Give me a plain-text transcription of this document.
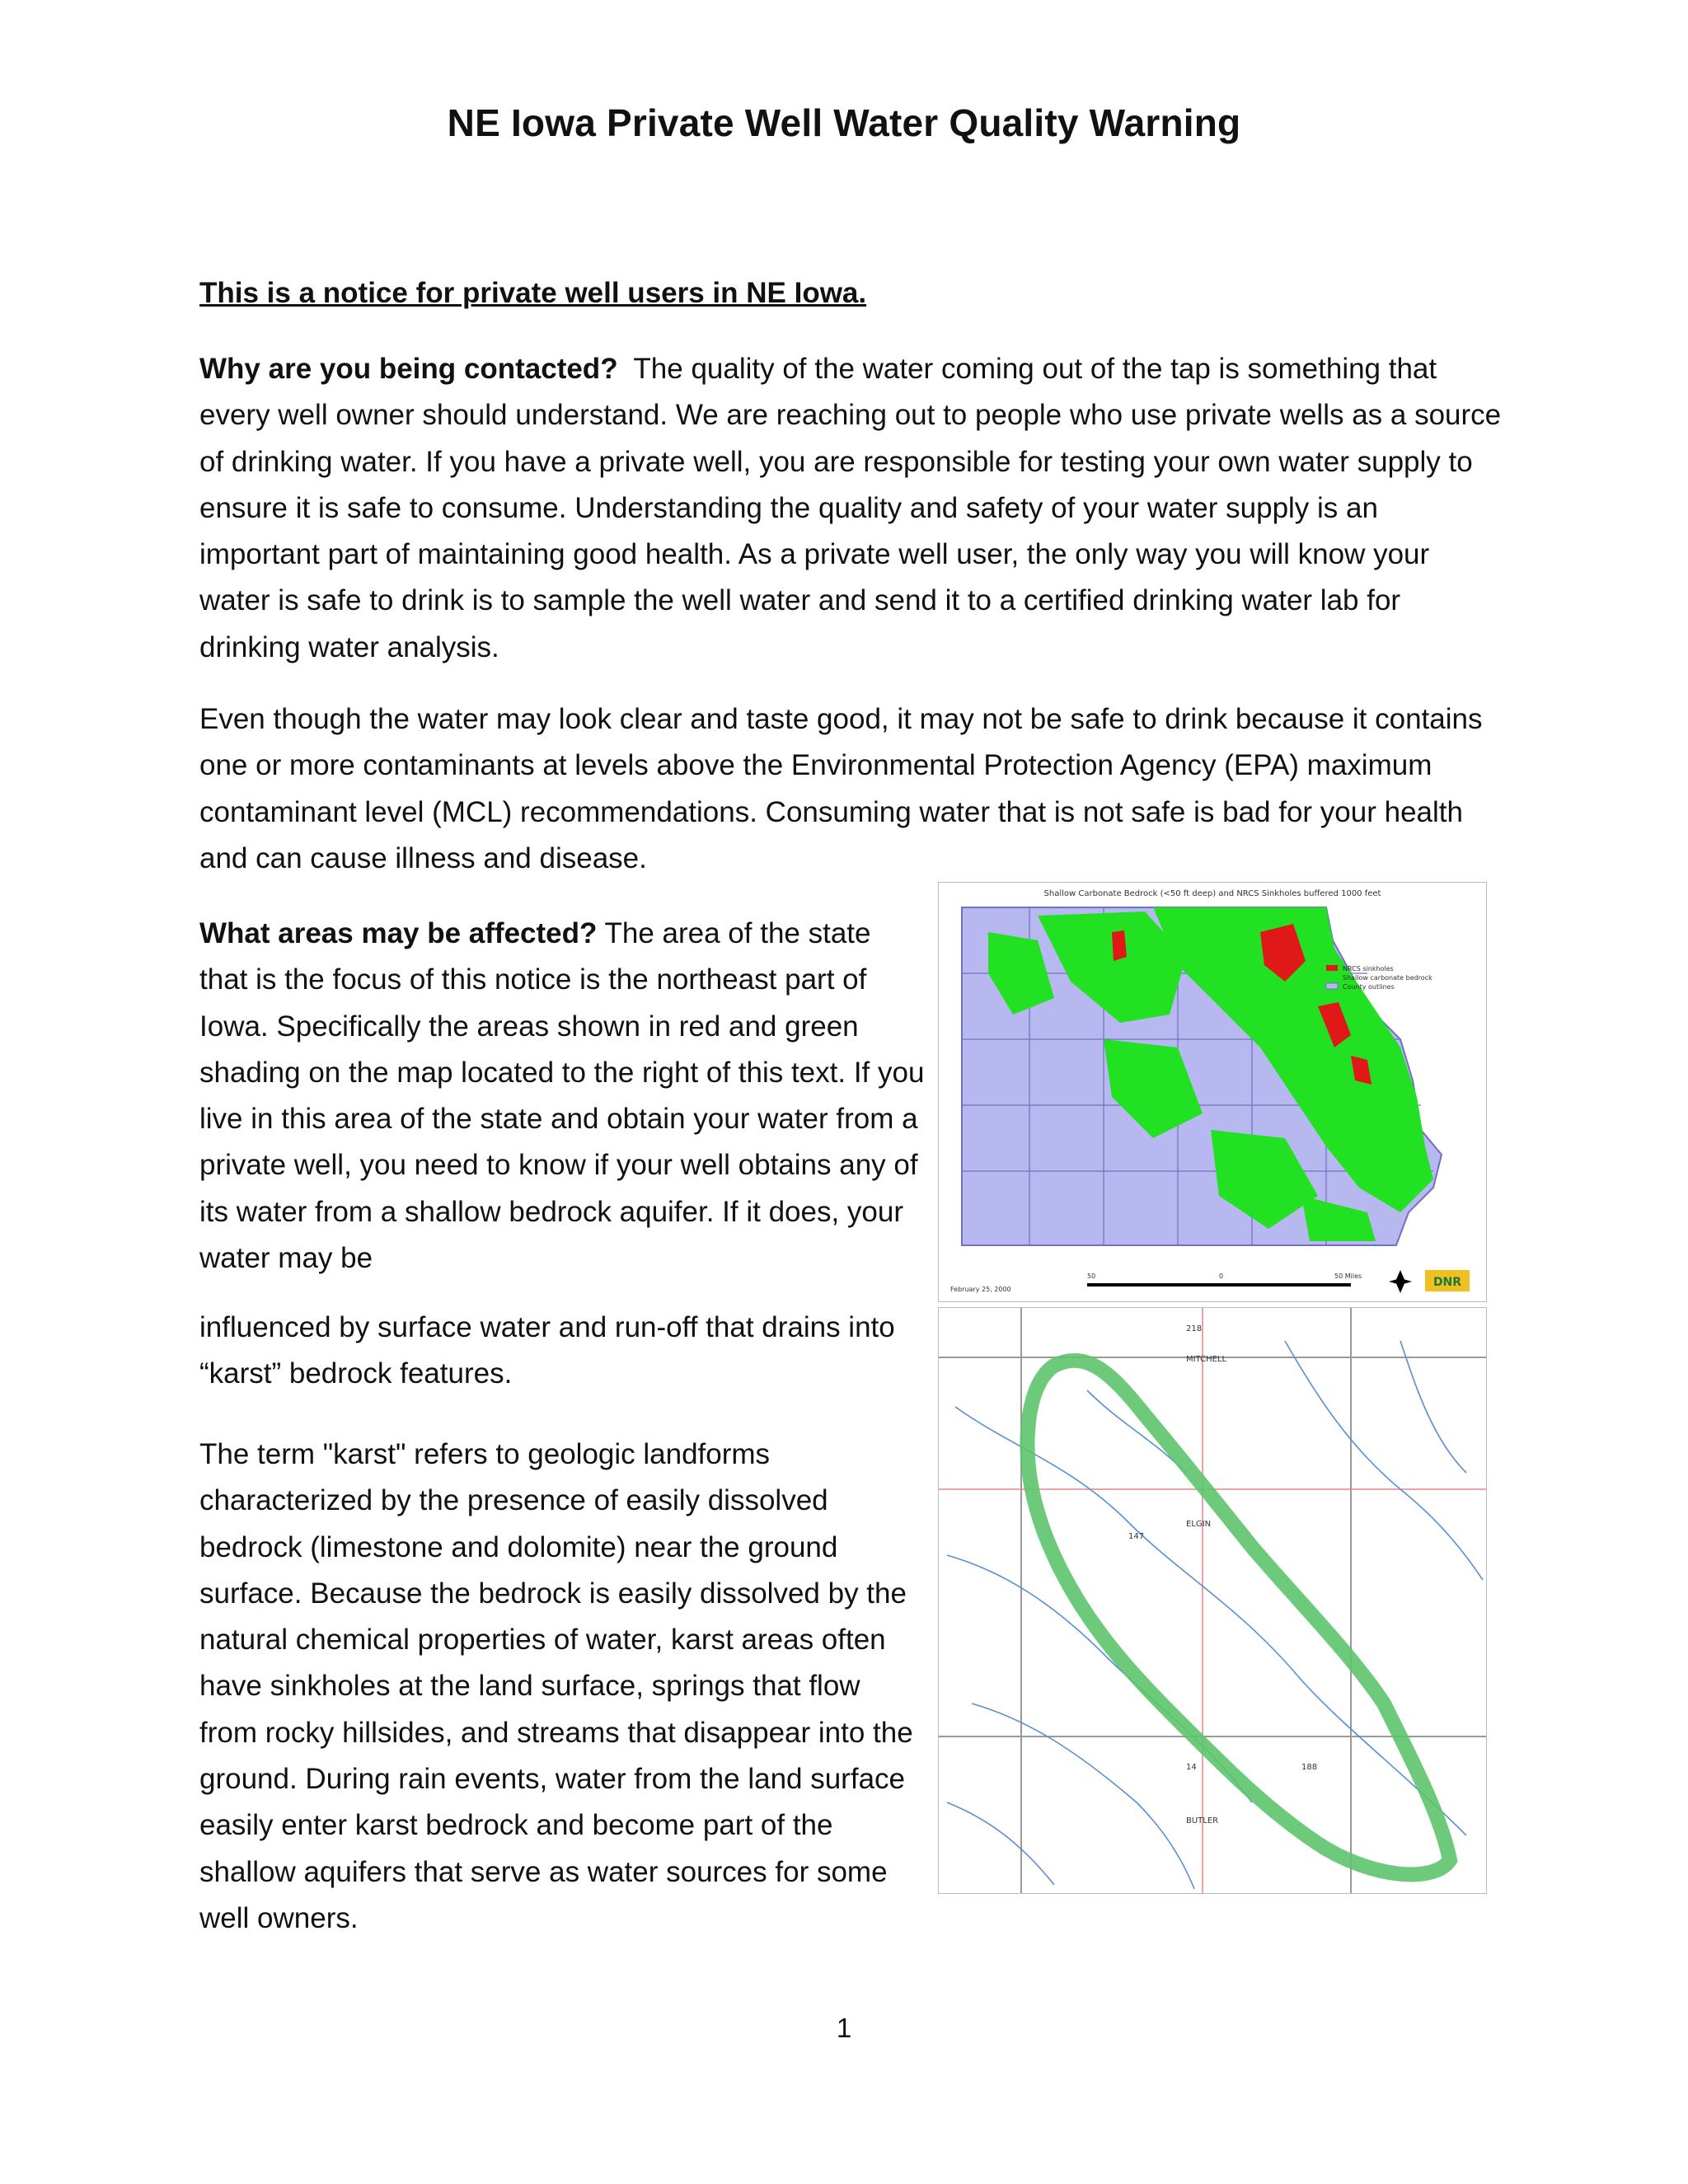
NE Iowa Private Well Water Quality Warning
This is a notice for private well users in NE Iowa.

Why are you being contacted? The quality of the water coming out of the tap is something that every well owner should understand. We are reaching out to people who use private wells as a source of drinking water. If you have a private well, you are responsible for testing your own water supply to ensure it is safe to consume. Understanding the quality and safety of your water supply is an important part of maintaining good health. As a private well user, the only way you will know your water is safe to drink is to sample the well water and send it to a certified drinking water lab for drinking water analysis.

Even though the water may look clear and taste good, it may not be safe to drink because it contains one or more contaminants at levels above the Environmental Protection Agency (EPA) maximum contaminant level (MCL) recommendations. Consuming water that is not safe is bad for your health and can cause illness and disease.

What areas may be affected? The area of the state that is the focus of this notice is the northeast part of Iowa. Specifically the areas shown in red and green shading on the map located to the right of this text. If you live in this area of the state and obtain your water from a private well, you need to know if your well obtains any of its water from a shallow bedrock aquifer. If it does, your water may be

influenced by surface water and run-off that drains into “karst” bedrock features.

The term "karst" refers to geologic landforms characterized by the presence of easily dissolved bedrock (limestone and dolomite) near the ground surface. Because the bedrock is easily dissolved by the natural chemical properties of water, karst areas often have sinkholes at the land surface, springs that flow from rocky hillsides, and streams that disappear into the ground. During rain events, water from the land surface easily enter karst bedrock and become part of the shallow aquifers that serve as water sources for some well owners.

Shallow Carbonate Bedrock (<50 ft deep) and NRCS Sinkholes buffered 1000 feet
NRCS sinkholes
Shallow carbonate bedrock
County outlines
February 25, 2000
50	0	50 Miles	DNR
MITCHELL
BUTLER
ELGIN
218
147
14	188
1
